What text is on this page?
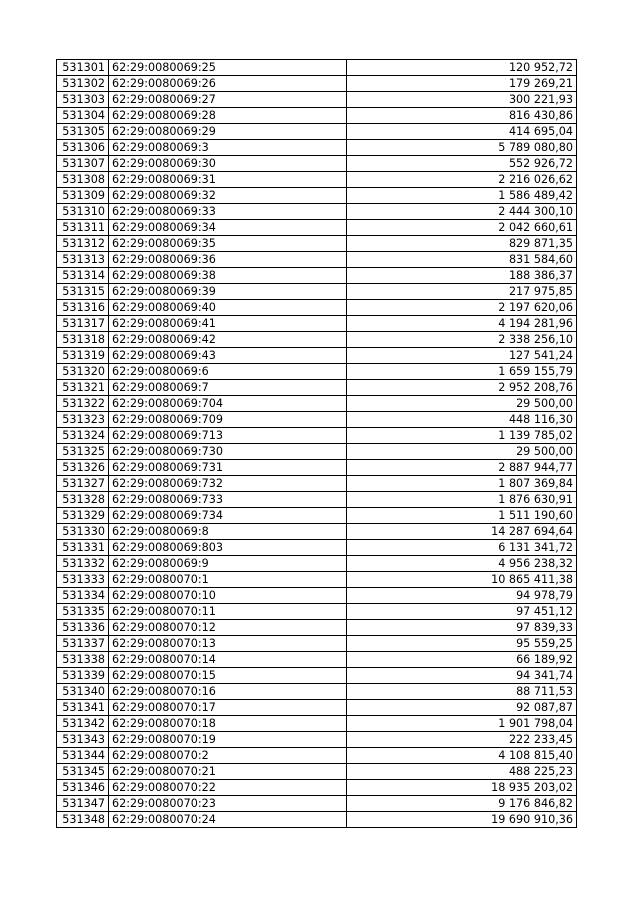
531301	62:29:0080069:25	120 952,72
531302	62:29:0080069:26	179 269,21
531303	62:29:0080069:27	300 221,93
531304	62:29:0080069:28	816 430,86
531305	62:29:0080069:29	414 695,04
531306	62:29:0080069:3	5 789 080,80
531307	62:29:0080069:30	552 926,72
531308	62:29:0080069:31	2 216 026,62
531309	62:29:0080069:32	1 586 489,42
531310	62:29:0080069:33	2 444 300,10
531311	62:29:0080069:34	2 042 660,61
531312	62:29:0080069:35	829 871,35
531313	62:29:0080069:36	831 584,60
531314	62:29:0080069:38	188 386,37
531315	62:29:0080069:39	217 975,85
531316	62:29:0080069:40	2 197 620,06
531317	62:29:0080069:41	4 194 281,96
531318	62:29:0080069:42	2 338 256,10
531319	62:29:0080069:43	127 541,24
531320	62:29:0080069:6	1 659 155,79
531321	62:29:0080069:7	2 952 208,76
531322	62:29:0080069:704	29 500,00
531323	62:29:0080069:709	448 116,30
531324	62:29:0080069:713	1 139 785,02
531325	62:29:0080069:730	29 500,00
531326	62:29:0080069:731	2 887 944,77
531327	62:29:0080069:732	1 807 369,84
531328	62:29:0080069:733	1 876 630,91
531329	62:29:0080069:734	1 511 190,60
531330	62:29:0080069:8	14 287 694,64
531331	62:29:0080069:803	6 131 341,72
531332	62:29:0080069:9	4 956 238,32
531333	62:29:0080070:1	10 865 411,38
531334	62:29:0080070:10	94 978,79
531335	62:29:0080070:11	97 451,12
531336	62:29:0080070:12	97 839,33
531337	62:29:0080070:13	95 559,25
531338	62:29:0080070:14	66 189,92
531339	62:29:0080070:15	94 341,74
531340	62:29:0080070:16	88 711,53
531341	62:29:0080070:17	92 087,87
531342	62:29:0080070:18	1 901 798,04
531343	62:29:0080070:19	222 233,45
531344	62:29:0080070:2	4 108 815,40
531345	62:29:0080070:21	488 225,23
531346	62:29:0080070:22	18 935 203,02
531347	62:29:0080070:23	9 176 846,82
531348	62:29:0080070:24	19 690 910,36
